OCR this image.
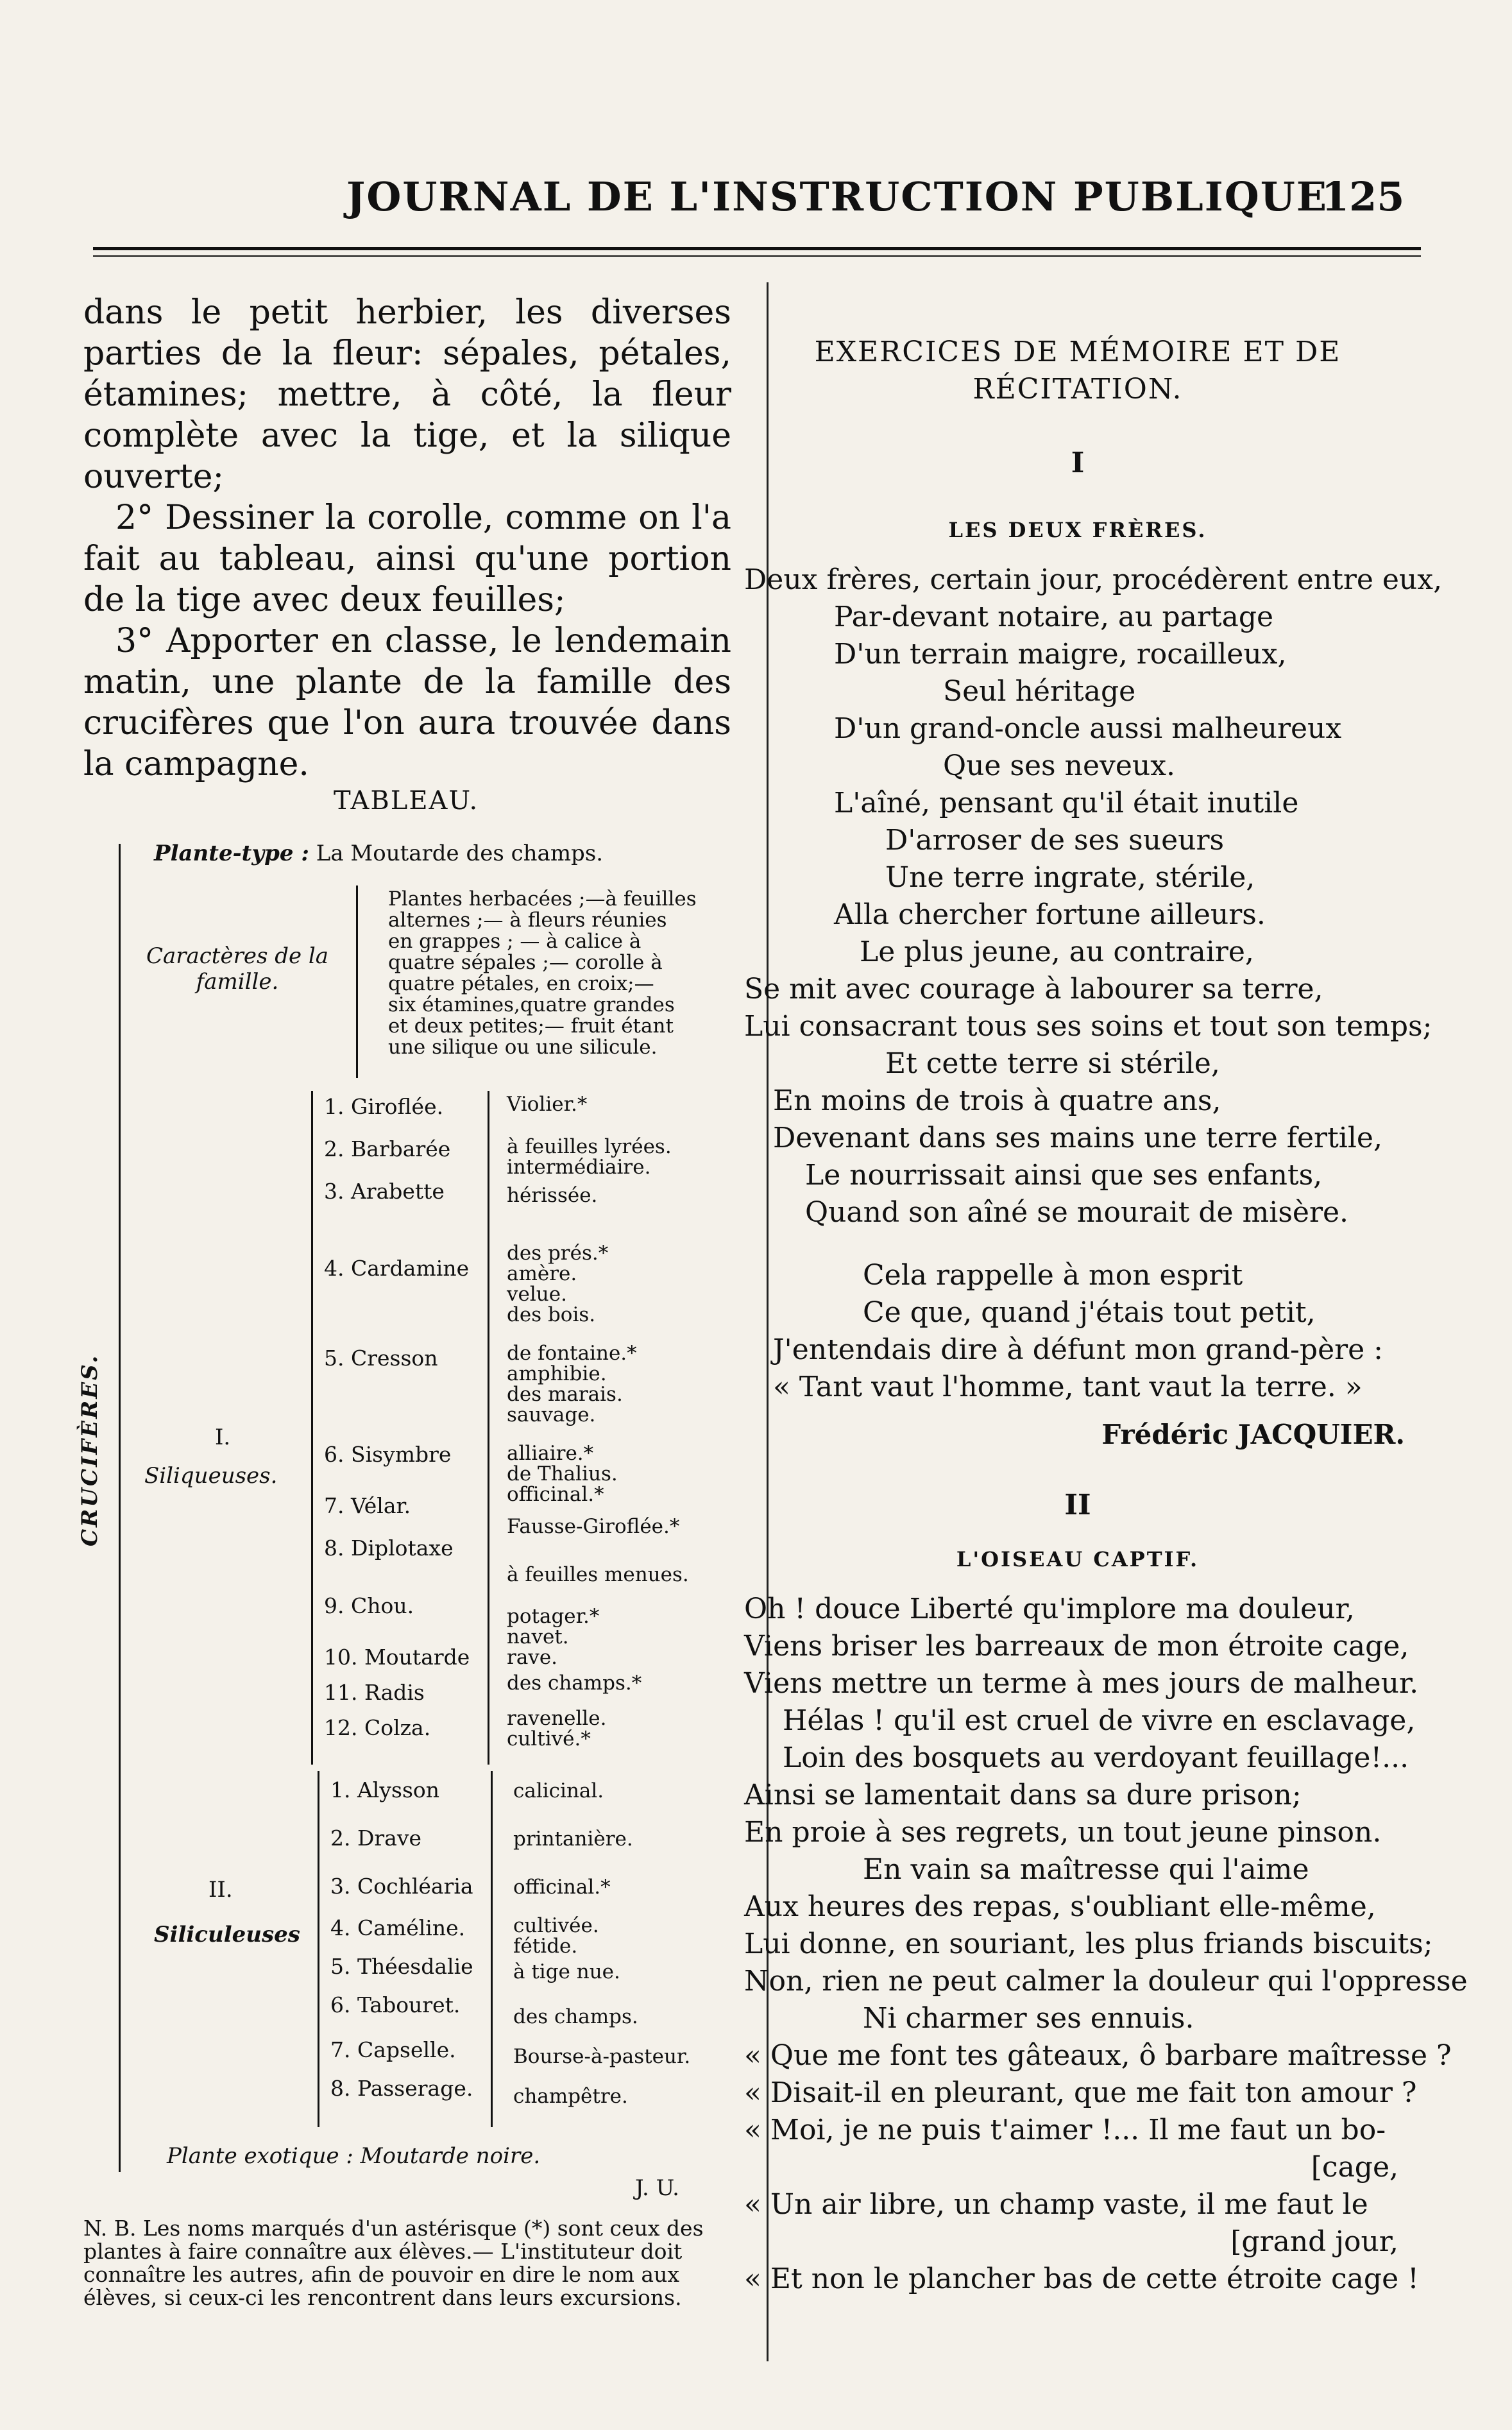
JOURNAL DE L'INSTRUCTION PUBLIQUE
125

dans le petit herbier, les diverses parties de la fleur: sépales, pétales, étamines; mettre, à côté, la fleur complète avec la tige, et la silique ouverte;

2° Dessiner la corolle, comme on l'a fait au tableau, ainsi qu'une portion de la tige avec deux feuilles;

3° Apporter en classe, le lendemain matin, une plante de la famille des crucifères que l'on aura trouvée dans la campagne.

TABLEAU.
Plante-type : La Moutarde des champs.
Caractères de la famille.
Plantes herbacées ;—à feuilles
alternes ;— à fleurs réunies
en grappes ; — à calice à
quatre sépales ;— corolle à
quatre pétales, en croix;—
six étamines,quatre grandes
et deux petites;— fruit étant
une silique ou une silicule.
CRUCIFÈRES.	I.
Siliqueuses.
1. Giroflée.
2. Barbarée
3. Arabette
4. Cardamine
5. Cresson
6. Sisymbre
7. Vélar.
8. Diplotaxe
9. Chou.
10. Moutarde
11. Radis
12. Colza.
Violier.*
à feuilles lyrées.
intermédiaire.
hérissée.
des prés.*
amère.
velue.
des bois.
de fontaine.*
amphibie.
des marais.
sauvage.
alliaire.*
de Thalius.
officinal.*
Fausse-Giroflée.*
à feuilles menues.
potager.*
navet.
rave.
des champs.*
ravenelle.
cultivé.*
II.
Siliculeuses
1. Alysson
2. Drave
3. Cochléaria
4. Caméline.
5. Théesdalie
6. Tabouret.
7. Capselle.
8. Passerage.
calicinal.
printanière.
officinal.*
cultivée.
fétide.
à tige nue.
des champs.
Bourse-à-pasteur.
champêtre.
Plante exotique : Moutarde noire.
J. U.
N. B. Les noms marqués d'un astérisque (*) sont ceux des plantes à faire connaître aux élèves.— L'instituteur doit connaître les autres, afin de pouvoir en dire le nom aux élèves, si ceux-ci les rencontrent dans leurs excursions.
EXERCICES DE MÉMOIRE ET DE
RÉCITATION.
I
LES DEUX FRÈRES.
Deux frères, certain jour, procédèrent entre eux,
Par-devant notaire, au partage
D'un terrain maigre, rocailleux,
Seul héritage
D'un grand-oncle aussi malheureux
Que ses neveux.
L'aîné, pensant qu'il était inutile
D'arroser de ses sueurs
Une terre ingrate, stérile,
Alla chercher fortune ailleurs.
Le plus jeune, au contraire,
Se mit avec courage à labourer sa terre,
Lui consacrant tous ses soins et tout son temps;
Et cette terre si stérile,
En moins de trois à quatre ans,
Devenant dans ses mains une terre fertile,
Le nourrissait ainsi que ses enfants,
Quand son aîné se mourait de misère.
Cela rappelle à mon esprit
Ce que, quand j'étais tout petit,
J'entendais dire à défunt mon grand-père :
« Tant vaut l'homme, tant vaut la terre. »
Frédéric JACQUIER.
II
L'OISEAU CAPTIF.
Oh ! douce Liberté qu'implore ma douleur,
Viens briser les barreaux de mon étroite cage,
Viens mettre un terme à mes jours de malheur.
Hélas ! qu'il est cruel de vivre en esclavage,
Loin des bosquets au verdoyant feuillage!...
Ainsi se lamentait dans sa dure prison;
En proie à ses regrets, un tout jeune pinson.
En vain sa maîtresse qui l'aime
Aux heures des repas, s'oubliant elle-même,
Lui donne, en souriant, les plus friands biscuits;
Non, rien ne peut calmer la douleur qui l'oppresse
Ni charmer ses ennuis.
« Que me font tes gâteaux, ô barbare maîtresse ?
« Disait-il en pleurant, que me fait ton amour ?
« Moi, je ne puis t'aimer !... Il me faut un bo-
[cage,
« Un air libre, un champ vaste, il me faut le
[grand jour,
« Et non le plancher bas de cette étroite cage !
